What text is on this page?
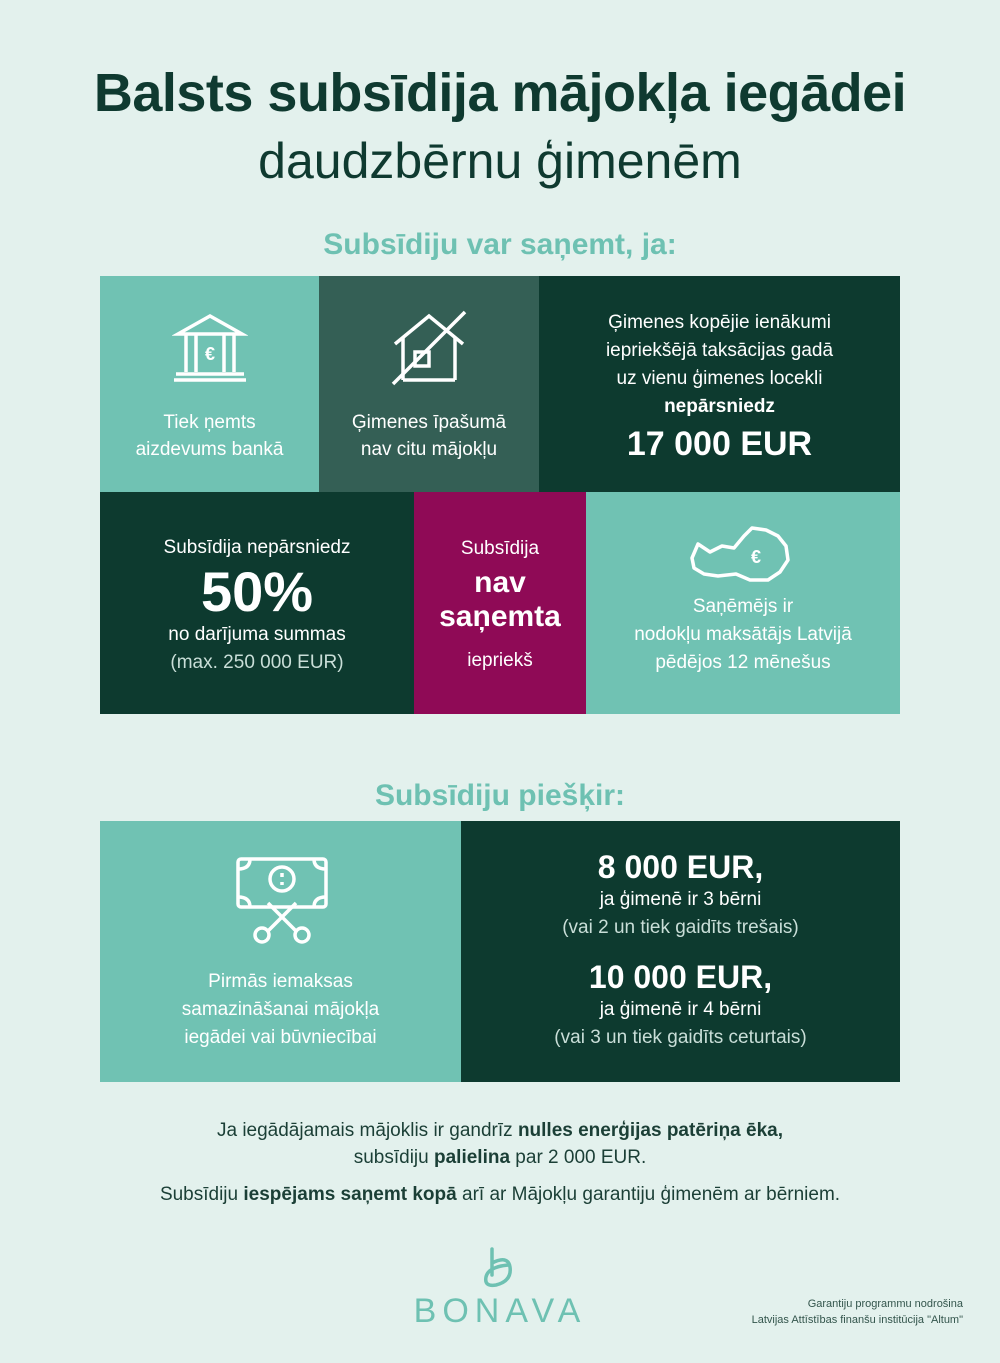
Balsts subsīdija mājokļa iegādei
daudzbērnu ģimenēm
Subsīdiju var saņemt, ja:
€
Tiek ņemts
aizdevums bankā
Ģimenes īpašumā
nav citu mājokļu
Ģimenes kopējie ienākumi
iepriekšējā taksācijas gadā
uz vienu ģimenes locekli
nepārsniedz
17 000 EUR
Subsīdija nepārsniedz
50%
no darījuma summas
(max. 250 000 EUR)
Subsīdija
nav
saņemta
iepriekš
€
Saņēmējs ir
nodokļu maksātājs Latvijā
pēdējos 12 mēnešus
Subsīdiju piešķir:
Pirmās iemaksas
samazināšanai mājokļa
iegādei vai būvniecībai
8 000 EUR,
ja ģimenē ir 3 bērni
(vai 2 un tiek gaidīts trešais)
10 000 EUR,
ja ģimenē ir 4 bērni
(vai 3 un tiek gaidīts ceturtais)
Ja iegādājamais mājoklis ir gandrīz nulles enerģijas patēriņa ēka,
subsīdiju palielina par 2 000 EUR.
Subsīdiju iespējams saņemt kopā arī ar Mājokļu garantiju ģimenēm ar bērniem.
BONAVA	Garantiju programmu nodrošina
Latvijas Attīstības finanšu institūcija "Altum"
